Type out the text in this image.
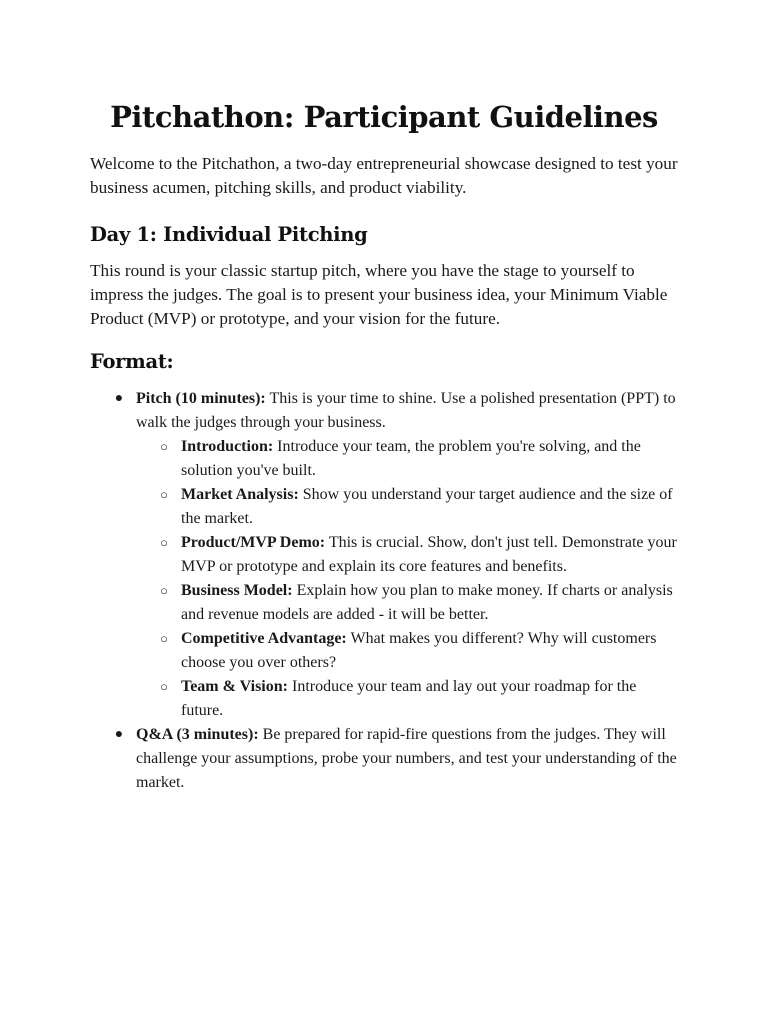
Pitchathon: Participant Guidelines

Welcome to the Pitchathon, a two-day entrepreneurial showcase designed to test your business acumen, pitching skills, and product viability.

Day 1: Individual Pitching

This round is your classic startup pitch, where you have the stage to yourself to impress the judges. The goal is to present your business idea, your Minimum Viable Product (MVP) or prototype, and your vision for the future.

Format:
● Pitch (10 minutes): This is your time to shine. Use a polished presentation (PPT) to walk the judges through your business.
○ Introduction: Introduce your team, the problem you're solving, and the solution you've built.
○ Market Analysis: Show you understand your target audience and the size of the market.
○ Product/MVP Demo: This is crucial. Show, don't just tell. Demonstrate your MVP or prototype and explain its core features and benefits.
○ Business Model: Explain how you plan to make money. If charts or analysis and revenue models are added - it will be better.
○ Competitive Advantage: What makes you different? Why will customers choose you over others?
○ Team & Vision: Introduce your team and lay out your roadmap for the future.
● Q&A (3 minutes): Be prepared for rapid-fire questions from the judges. They will challenge your assumptions, probe your numbers, and test your understanding of the market.
